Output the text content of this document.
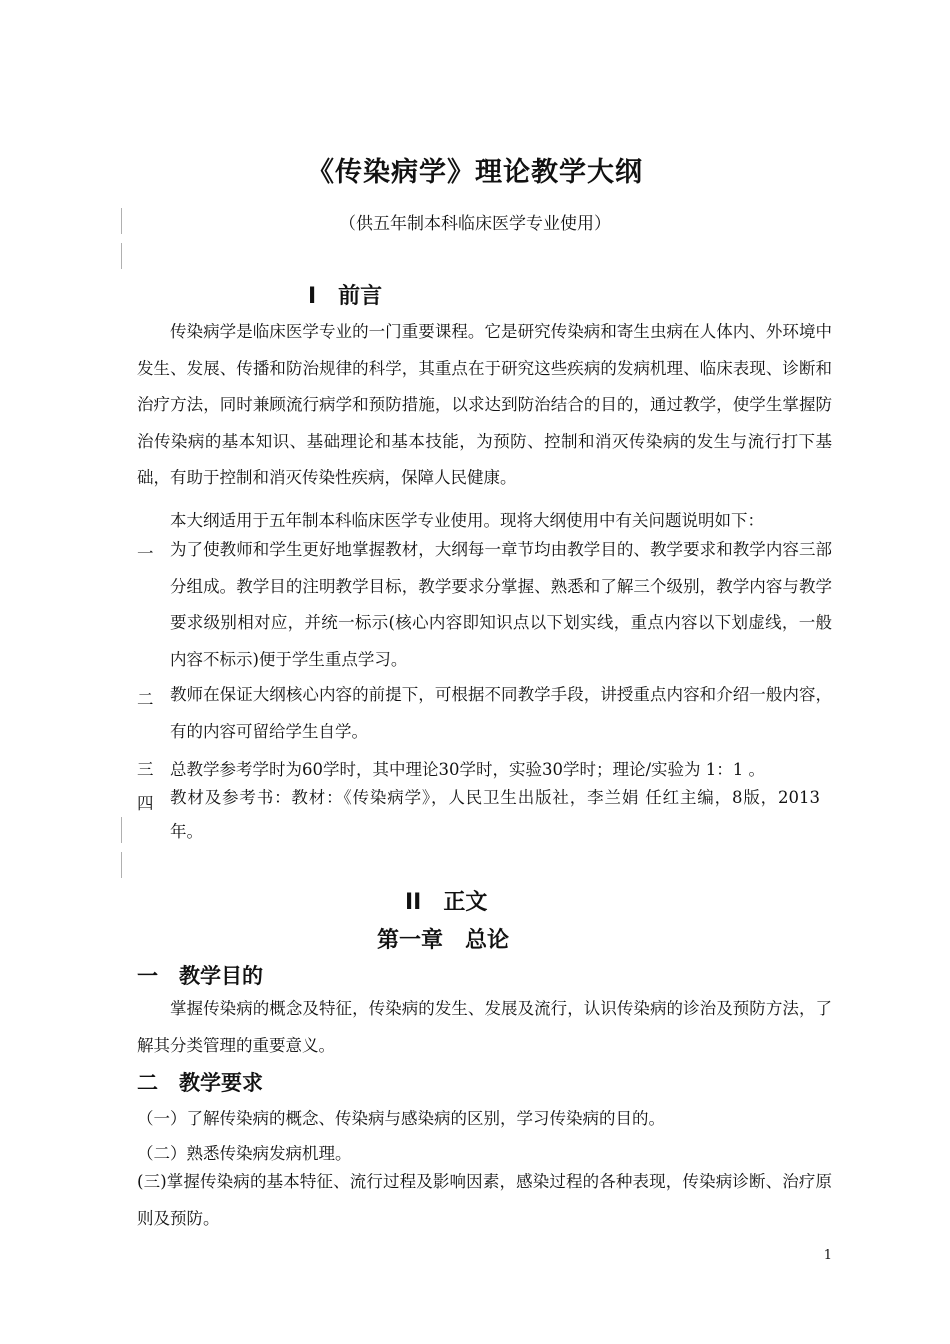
《传染病学》理论教学大纲
（供五年制本科临床医学专业使用）
I　前言
传染病学是临床医学专业的一门重要课程。它是研究传染病和寄生虫病在人体内、外环境中发生、发展、传播和防治规律的科学，其重点在于研究这些疾病的发病机理、临床表现、诊断和治疗方法，同时兼顾流行病学和预防措施，以求达到防治结合的目的，通过教学，使学生掌握防治传染病的基本知识、基础理论和基本技能，为预防、控制和消灭传染病的发生与流行打下基础，有助于控制和消灭传染性疾病，保障人民健康。
本大纲适用于五年制本科临床医学专业使用。现将大纲使用中有关问题说明如下：
一 为了使教师和学生更好地掌握教材，大纲每一章节均由教学目的、教学要求和教学内容三部分组成。教学目的注明教学目标，教学要求分掌握、熟悉和了解三个级别，教学内容与教学要求级别相对应，并统一标示(核心内容即知识点以下划实线，重点内容以下划虚线，一般内容不标示)便于学生重点学习。
二 教师在保证大纲核心内容的前提下，可根据不同教学手段，讲授重点内容和介绍一般内容，有的内容可留给学生自学。
三 总教学参考学时为60学时，其中理论30学时，实验30学时；理论/实验为 1：1 。
四 教材及参考书：教材：《传染病学》，人民卫生出版社，李兰娟 任红主编，8版，2013年。
II　正文
第一章　总论
一　教学目的
掌握传染病的概念及特征，传染病的发生、发展及流行，认识传染病的诊治及预防方法，了解其分类管理的重要意义。
二　教学要求
（一）了解传染病的概念、传染病与感染病的区别，学习传染病的目的。
（二）熟悉传染病发病机理。
(三)掌握传染病的基本特征、流行过程及影响因素，感染过程的各种表现，传染病诊断、治疗原则及预防。
1
